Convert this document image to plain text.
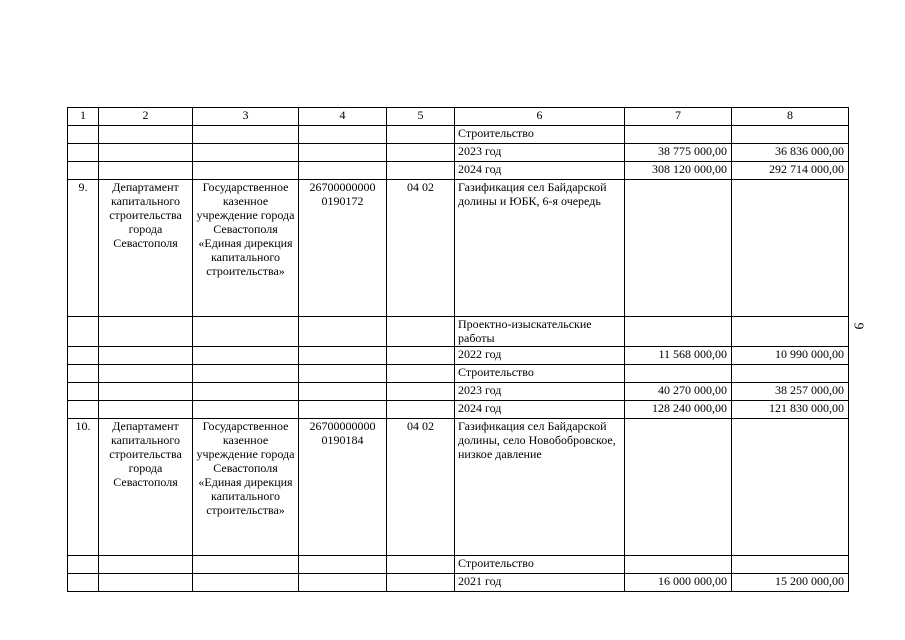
1	2	3	4	5	6	7	8
					Строительство		
					2023 год	38 775 000,00	36 836 000,00
					2024 год	308 120 000,00	292 714 000,00
9.	Департамент капитального строительства города Севастополя	Государственное казенное учреждение города Севастополя «Единая дирекция капитального строительства»	26700000000 0190172	04 02	Газификация сел Байдарской долины и ЮБК, 6-я очередь		
					Проектно-изыскательские работы		
					2022 год	11 568 000,00	10 990 000,00
					Строительство		
					2023 год	40 270 000,00	38 257 000,00
					2024 год	128 240 000,00	121 830 000,00
10.	Департамент капитального строительства города Севастополя	Государственное казенное учреждение города Севастополя «Единая дирекция капитального строительства»	26700000000 0190184	04 02	Газификация сел Байдарской долины, село Новобобровское, низкое давление		
					Строительство		
					2021 год	16 000 000,00	15 200 000,00
9
